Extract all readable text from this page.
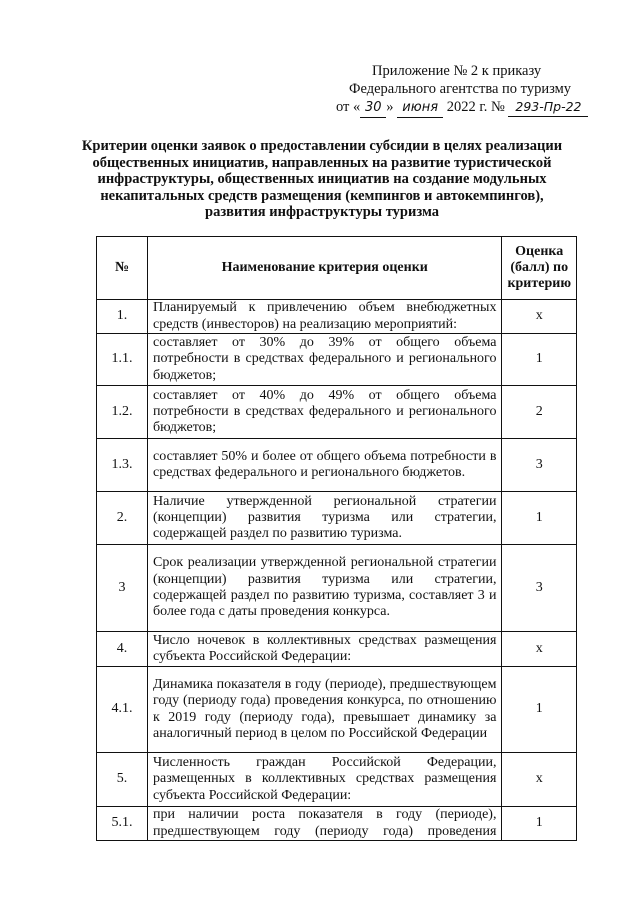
Приложение № 2 к приказу
Федерального агентства по туризму
от « 30 » июня 2022 г. № 293-Пр-22
Критерии оценки заявок о предоставлении субсидии в целях реализации общественных инициатив, направленных на развитие туристической инфраструктуры, общественных инициатив на создание модульных некапитальных средств размещения (кемпингов и автокемпингов), развития инфраструктуры туризма
№	Наименование критерия оценки	Оценка (балл) по критерию
1.	Планируемый к привлечению объем внебюджетных средств (инвесторов) на реализацию мероприятий:	х
1.1.	составляет от 30% до 39% от общего объема потребности в средствах федерального и регионального бюджетов;	1
1.2.	составляет от 40% до 49% от общего объема потребности в средствах федерального и регионального бюджетов;	2
1.3.	составляет 50% и более от общего объема потребности в средствах федерального и регионального бюджетов.	3
2.	Наличие утвержденной региональной стратегии (концепции) развития туризма или стратегии, содержащей раздел по развитию туризма.	1
3	Срок реализации утвержденной региональной стратегии (концепции) развития туризма или стратегии, содержащей раздел по развитию туризма, составляет 3 и более года с даты проведения конкурса.	3
4.	Число ночевок в коллективных средствах размещения субъекта Российской Федерации:	х
4.1.	Динамика показателя в году (периоде), предшествующем году (периоду года) проведения конкурса, по отношению к 2019 году (периоду года), превышает динамику за аналогичный период в целом по Российской Федерации	1
5.	Численность граждан Российской Федерации, размещенных в коллективных средствах размещения субъекта Российской Федерации:	х
5.1.	при наличии роста показателя в году (периоде), предшествующем году (периоду года) проведения	1
